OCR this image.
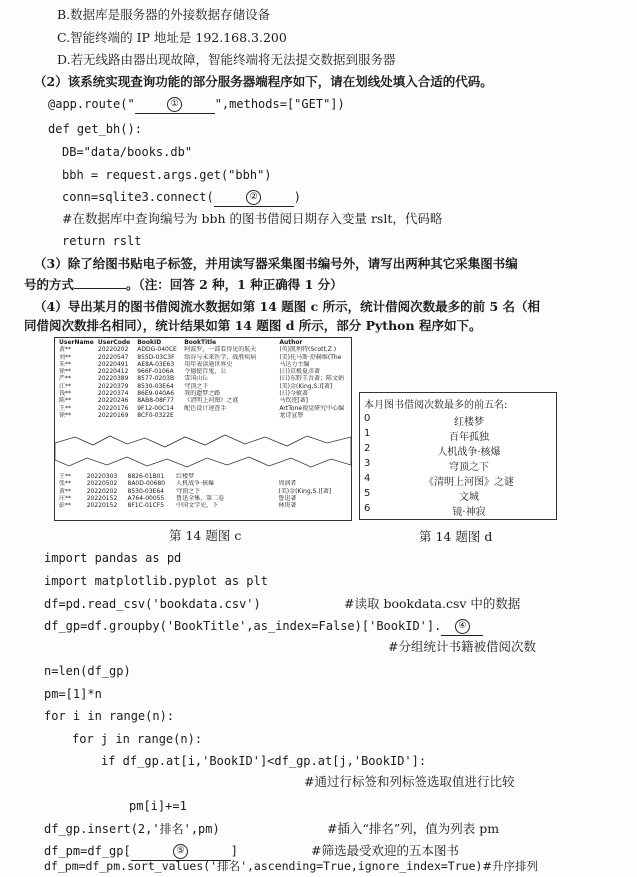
B.数据库是服务器的外接数据存储设备
C.智能终端的 IP 地址是 192.168.3.200
D.若无线路由器出现故障，智能终端将无法提交数据到服务器
（2）该系统实现查询功能的部分服务器端程序如下，请在划线处填入合适的代码。
@app.route("	①	",methods=["GET"])
def get_bh():
DB="data/books.db"
bbh = request.args.get("bbh")
conn=sqlite3.connect(	②	)
#在数据库中查询编号为 bbh 的图书借阅日期存入变量 rslt，代码略
return rslt
（3）除了给图书贴电子标签，并用读写器采集图书编号外，请写出两种其它采集图书编
号的方式	。（注：回答 2 种，1 种正确得 1 分）
（4）导出某月的图书借阅流水数据如第 14 题图 c 所示，统计借阅次数最多的前 5 名（相
同借阅次数排名相同），统计结果如第 14 题图 d 所示，部分 Python 程序如下。
UserName	UserCode	BookID	BookTitle	Author
黄**	20220202	ADDG-040CE	阿波罗，一部看得见的航天	(英)凯利特(Scott,Z.)
刘**	20220547	855D-03C3F	给谷与未来医学，战胜疾病	(美)托马斯·舒赫维(The
朱**	20220491	AE8A-03E63	用年表读通世界史	马达力主编
徐**	20220412	966F-0106A	令德使百鬼，公	(日)京极夏彦著
严**	20220389	8577-0203B	雪国山丘	(日)东野圭吾著；陈文娟
江**	20220379	8530-03E64	穹顶之下	(美)金(King,S.)[著]
钱**	20220374	86E9-040A6	我的遗梦之路	(日)今敏著
陈**	20220246	8AB8-08F77	《清明上河图》之谜	马钦迹[著]
王**	20220176	9F12-00C14	配色设计速查手	ArtTone视觉研究中心编
徐**	20220169	8CF0-0322E		龙诗宣整
王**	20220303	8826-01B01	红楼梦	
张**	20220502	8A0D-00680	人机战争·核爆	周润者
黄**	20220202	8530-03E64	穹顶之下	(美)金(King,S.)[著]
庄**	20220152	A764-00055	鲁迅全集，第二卷	鲁迅著
彭**	20220152	8F1C-01CF5	中国文学史，下	林庚著
第 14 题图 c
本月图书借阅次数最多的前五名:
0	红楼梦
1	百年孤独
2	人机战争·核爆
3	穹顶之下
4	《清明上河图》之谜
5	文城
6	镜·神寂
第 14 题图 d
import pandas as pd
import matplotlib.pyplot as plt
df=pd.read_csv('bookdata.csv')	#读取 bookdata.csv 中的数据
df_gp=df.groupby('BookTitle',as_index=False)['BookID']. ④
#分组统计书籍被借阅次数
n=len(df_gp)
pm=[1]*n
for i in range(n):
for j in range(n):
if df_gp.at[i,'BookID']<df_gp.at[j,'BookID']:
#通过行标签和列标签选取值进行比较
pm[i]+=1
df_gp.insert(2,'排名',pm)	#插入“排名”列，值为列表 pm
df_pm=df_gp[	⑤	]	#筛选最受欢迎的五本图书
df_pm=df_pm.sort_values('排名',ascending=True,ignore_index=True)#升序排列
